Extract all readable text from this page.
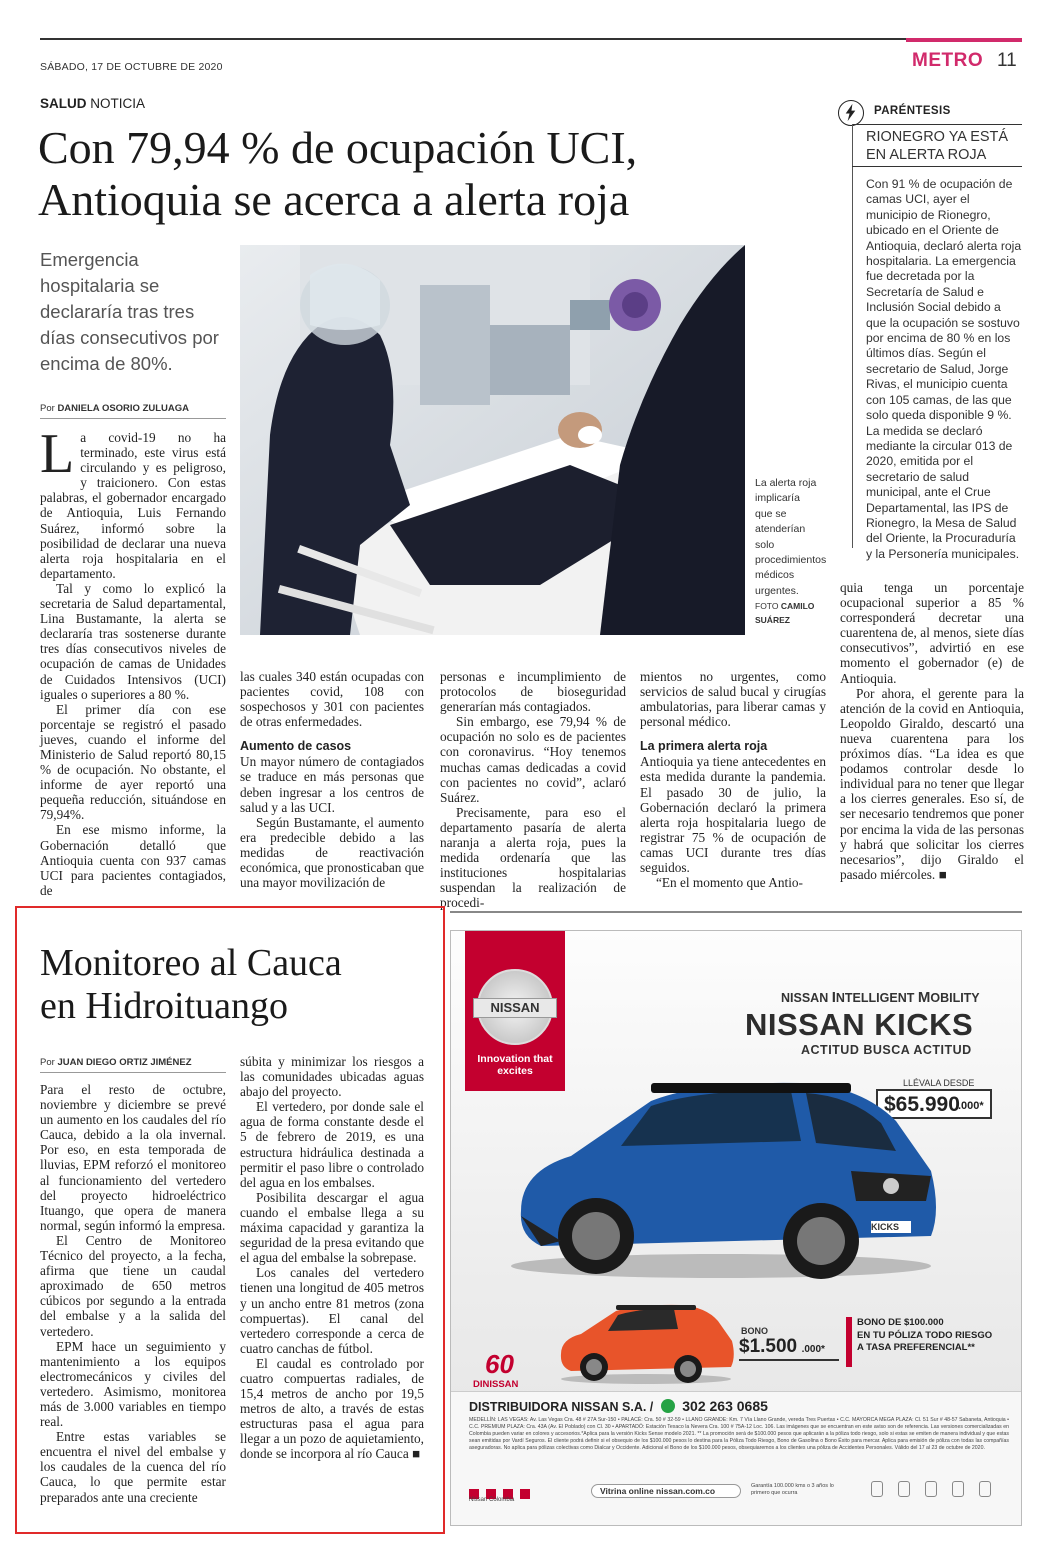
SÁBADO, 17 DE OCTUBRE DE 2020	METRO 11
SALUD NOTICIA
Con 79,94 % de ocupación UCI,
Antioquia se acerca a alerta roja
Emergencia hospitalaria se declararía tras tres días consecutivos por encima de 80%.
Por DANIELA OSORIO ZULUAGA
L a covid-19 no ha terminado, este virus está circulando y es peligroso, y traicionero. Con estas palabras, el gobernador encargado de Antioquia, Luis Fernando Suárez, informó sobre la posibilidad de declarar una nueva alerta roja hospitalaria en el departamento.

Tal y como lo explicó la secretaria de Salud departamental, Lina Bustamante, la alerta se declararía tras sostenerse durante tres días consecutivos niveles de ocupación de camas de Unidades de Cuidados Intensivos (UCI) iguales o superiores a 80 %.

El primer día con ese porcentaje se registró el pasado jueves, cuando el informe del Ministerio de Salud reportó 80,15 % de ocupación. No obstante, el informe de ayer reportó una pequeña reducción, situándose en 79,94%.

En ese mismo informe, la Gobernación detalló que Antioquia cuenta con 937 camas UCI para pacientes contagiados, de

La alerta roja implicaría que se atenderían solo procedimientos médicos urgentes.
FOTO CAMILO SUÁREZ

las cuales 340 están ocupadas con pacientes covid, 108 con sospechosos y 301 con pacientes de otras enfermedades.

Aumento de casos

Un mayor número de contagiados se traduce en más personas que deben ingresar a los centros de salud y a las UCI.

Según Bustamante, el aumento era predecible debido a las medidas de reactivación económica, que pronosticaban que una mayor movilización de

personas e incumplimiento de protocolos de bioseguridad generarían más contagiados.

Sin embargo, ese 79,94 % de ocupación no solo es de pacientes con coronavirus. “Hoy tenemos muchas camas dedicadas a covid con pacientes no covid”, aclaró Suárez.

Precisamente, para eso el departamento pasaría de alerta naranja a alerta roja, pues la medida ordenaría que las instituciones hospitalarias suspendan la realización de procedi-

mientos no urgentes, como servicios de salud bucal y cirugías ambulatorias, para liberar camas y personal médico.

La primera alerta roja

Antioquia ya tiene antecedentes en esta medida durante la pandemia. El pasado 30 de julio, la Gobernación declaró la primera alerta roja hospitalaria luego de registrar 75 % de ocupación de camas UCI durante tres días seguidos.

“En el momento que Antio-

quia tenga un porcentaje ocupacional superior a 85 % corresponderá decretar una cuarentena de, al menos, siete días consecutivos”, advirtió en ese momento el gobernador (e) de Antioquia.

Por ahora, el gerente para la atención de la covid en Antioquia, Leopoldo Giraldo, descartó una nueva cuarentena para los próximos días. “La idea es que podamos controlar desde lo individual para no tener que llegar a los cierres generales. Eso sí, de ser necesario tendremos que poner por encima la vida de las personas y habrá que solicitar los cierres necesarios”, dijo Giraldo el pasado miércoles. ■

PARÉNTESIS
RIONEGRO YA ESTÁ
EN ALERTA ROJA
Con 91 % de ocupación de camas UCI, ayer el municipio de Rionegro, ubicado en el Oriente de Antioquia, declaró alerta roja hospitalaria. La emergencia fue decretada por la Secretaría de Salud e Inclusión Social debido a que la ocupación se sostuvo por encima de 80 % en los últimos días. Según el secretario de Salud, Jorge Rivas, el municipio cuenta con 105 camas, de las que solo queda disponible 9 %. La medida se declaró mediante la circular 013 de 2020, emitida por el secretario de salud municipal, ante el Crue Departamental, las IPS de Rionegro, la Mesa de Salud del Oriente, la Procuraduría y la Personería municipales.
Monitoreo al Cauca
en Hidroituango
Por JUAN DIEGO ORTIZ JIMÉNEZ

Para el resto de octubre, noviembre y diciembre se prevé un aumento en los caudales del río Cauca, debido a la ola invernal. Por eso, en esta temporada de lluvias, EPM reforzó el monitoreo al funcionamiento del vertedero del proyecto hidroeléctrico Ituango, que opera de manera normal, según informó la empresa.

El Centro de Monitoreo Técnico del proyecto, a la fecha, afirma que tiene un caudal aproximado de 650 metros cúbicos por segundo a la entrada del embalse y a la salida del vertedero.

EPM hace un seguimiento y mantenimiento a los equipos electromecánicos y civiles del vertedero. Asimismo, monitorea más de 3.000 variables en tiempo real.

Entre estas variables se encuentra el nivel del embalse y los caudales de la cuenca del río Cauca, lo que permite estar preparados ante una creciente

súbita y minimizar los riesgos a las comunidades ubicadas aguas abajo del proyecto.

El vertedero, por donde sale el agua de forma constante desde el 5 de febrero de 2019, es una estructura hidráulica destinada a permitir el paso libre o controlado del agua en los embalses.

Posibilita descargar el agua cuando el embalse llega a su máxima capacidad y garantiza la seguridad de la presa evitando que el agua del embalse la sobrepase.

Los canales del vertedero tienen una longitud de 405 metros y un ancho entre 81 metros (zona compuertas). El canal del vertedero corresponde a cerca de cuatro canchas de fútbol.

El caudal es controlado por cuatro compuertas radiales, de 15,4 metros de ancho por 19,5 metros de alto, a través de estas estructuras pasa el agua para llegar a un pozo de aquietamiento, donde se incorpora al río Cauca ■

NISSAN
Innovation that excites
NISSAN INTELLIGENT MOBILITY
NISSAN KICKS
ACTITUD BUSCA ACTITUD
LLÉVALA DESDE
$65.990
.000*
KICKS
BONO
$1.500 .000*
BONO DE $100.000
EN TU PÓLIZA TODO RIESGO
A TASA PREFERENCIAL**
60
DINISSAN
DISTRIBUIDORA NISSAN S.A. / 302 263 0685
MEDELLÍN: LAS VEGAS: Av. Las Vegas Cra. 48 # 27A Sur-150 • PALACÉ: Cra. 50 # 32-59 • LLANO GRANDE: Km. 7 Vía Llano Grande, vereda Tres Puertas • C.C. MAYORCA MEGA PLAZA: Cl. 51 Sur # 48-57 Sabaneta, Antioquia • C.C. PREMIUM PLAZA: Cra. 43A (Av. El Poblado) con Cl. 30 • APARTADÓ: Estación Texaco la Nevera Cra. 100 # 75A-12 Loc. 106. Las imágenes que se encuentran en este aviso son de referencia. Las versiones comercializadas en Colombia pueden variar en colores y accesorios.*Aplica para la versión Kicks Sense modelo 2021. ** La promoción será de $100.000 pesos que aplicarán a la póliza todo riesgo, solo si estas se emiten de manera individual y que estas sean emitidas por Vardí Seguros. El cliente podrá definir si el obsequio de los $100.000 pesos lo destina para la Póliza Todo Riesgo, Bono de Gasolina o Bono Éxito para mercar. Aplica para emisión de póliza con todas las compañías aseguradoras. No aplica para pólizas colectivas como Dialcar y Occidente. Adicional el Bono de los $100.000 pesos, obsequiaremos a los clientes una póliza de Accidentes Personales. Válido del 17 al 23 de octubre de 2020.

Nissan Colombia
Vitrina online nissan.com.co	Garantía 100.000 kms o 3 años lo primero que ocurra
